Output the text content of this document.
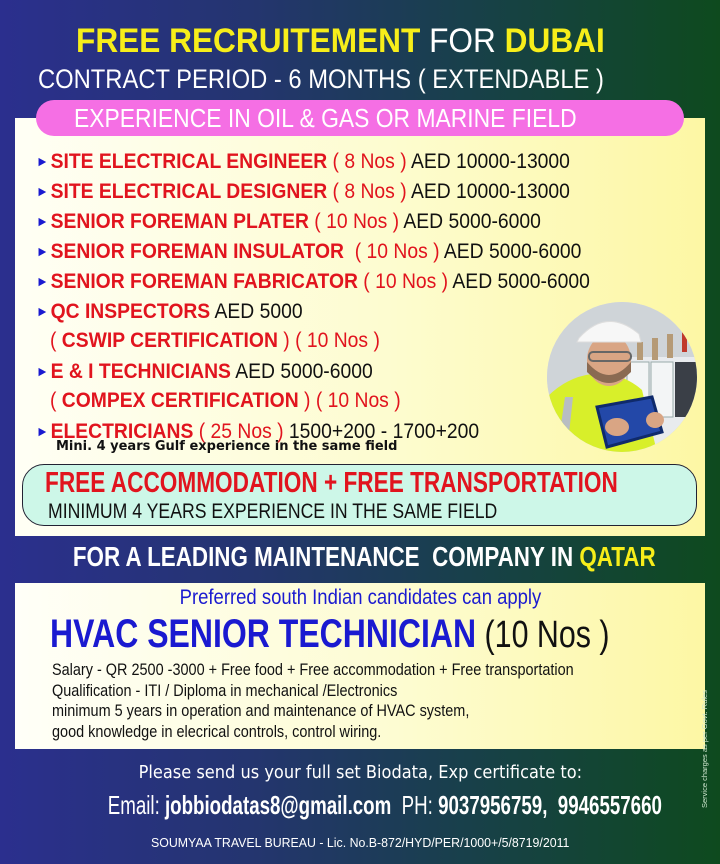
FREE RECRUITEMENT FOR DUBAI
CONTRACT PERIOD - 6 MONTHS ( EXTENDABLE )
EXPERIENCE IN OIL & GAS OR MARINE FIELD
►SITE ELECTRICAL ENGINEER ( 8 Nos ) AED 10000-13000
►SITE ELECTRICAL DESIGNER ( 8 Nos ) AED 10000-13000
►SENIOR FOREMAN PLATER ( 10 Nos ) AED 5000-6000
►SENIOR FOREMAN INSULATOR  ( 10 Nos ) AED 5000-6000
►SENIOR FOREMAN FABRICATOR ( 10 Nos ) AED 5000-6000
►QC INSPECTORS AED 5000
( CSWIP CERTIFICATION ) ( 10 Nos )
►E & I TECHNICIANS AED 5000-6000
( COMPEX CERTIFICATION ) ( 10 Nos )
►ELECTRICIANS ( 25 Nos ) 1500+200 - 1700+200
Mini. 4 years Gulf experience in the same field
FREE ACCOMMODATION + FREE TRANSPORTATION
MINIMUM 4 YEARS EXPERIENCE IN THE SAME FIELD
FOR A LEADING MAINTENANCE  COMPANY IN QATAR
Preferred south Indian candidates can apply
HVAC SENIOR TECHNICIAN (10 Nos )
Salary - QR 2500 -3000 + Free food + Free accommodation + Free transportation
Qualification - ITI / Diploma in mechanical /Electronics
minimum 5 years in operation and maintenance of HVAC system,
good knowledge in elecrical controls, control wiring.
Please send us your full set Biodata, Exp certificate to:
Email: jobbiodatas8@gmail.com  PH: 9037956759,  9946557660
SOUMYAA TRAVEL BUREAU - Lic. No.B-872/HYD/PER/1000+/5/8719/2011
Service charges as per Govt. Rules
